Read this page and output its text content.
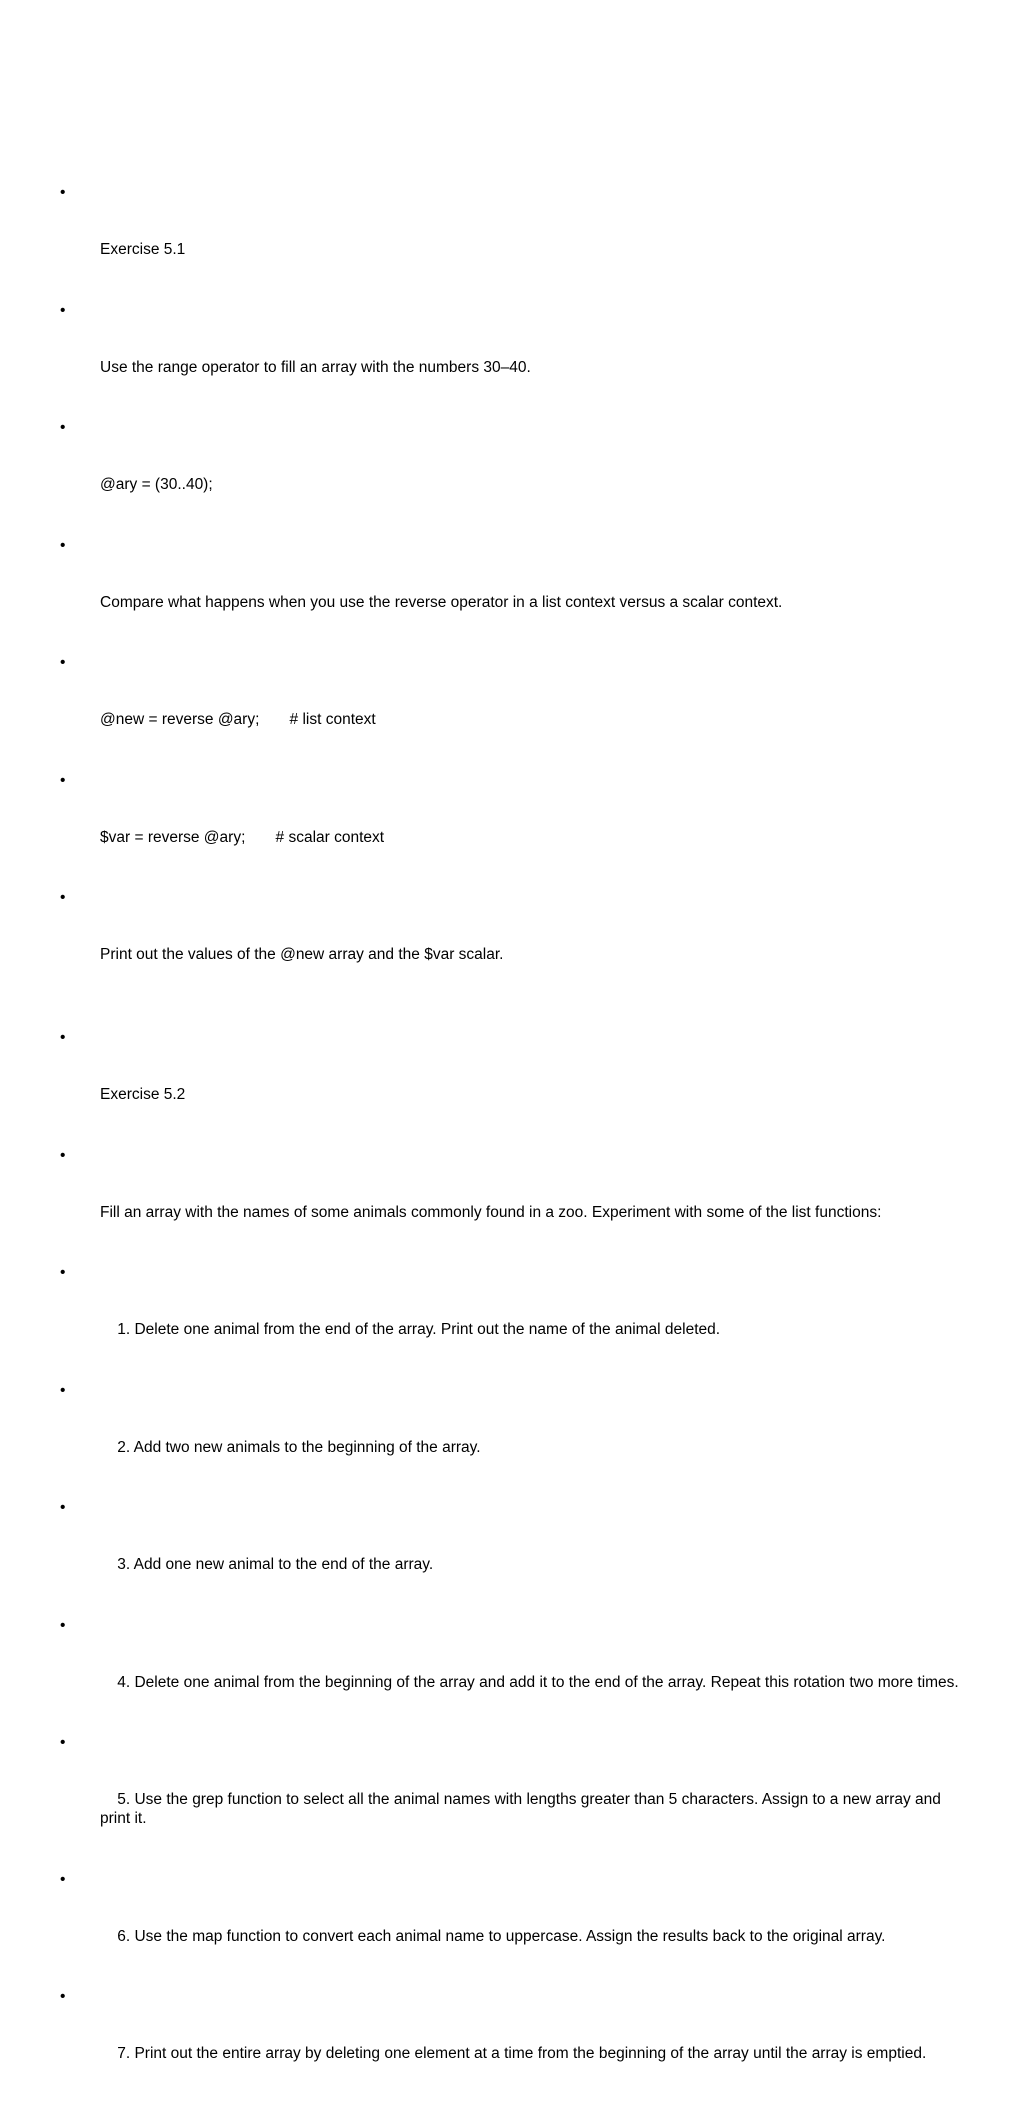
•

Exercise 5.1

•

Use the range operator to fill an array with the numbers 30–40.

•

@ary = (30..40);

•

Compare what happens when you use the reverse operator in a list context versus a scalar context.

•

@new = reverse @ary;       # list context

•

$var = reverse @ary;       # scalar context

•

Print out the values of the @new array and the $var scalar.

•

Exercise 5.2

•

Fill an array with the names of some animals commonly found in a zoo. Experiment with some of the list functions:

•

1. Delete one animal from the end of the array. Print out the name of the animal deleted.

•

2. Add two new animals to the beginning of the array.

•

3. Add one new animal to the end of the array.

•

4. Delete one animal from the beginning of the array and add it to the end of the array. Repeat this rotation two more times.

•

5. Use the grep function to select all the animal names with lengths greater than 5 characters. Assign to a new array and print it.

•

6. Use the map function to convert each animal name to uppercase. Assign the results back to the original array.

•

7. Print out the entire array by deleting one element at a time from the beginning of the array until the array is emptied.
